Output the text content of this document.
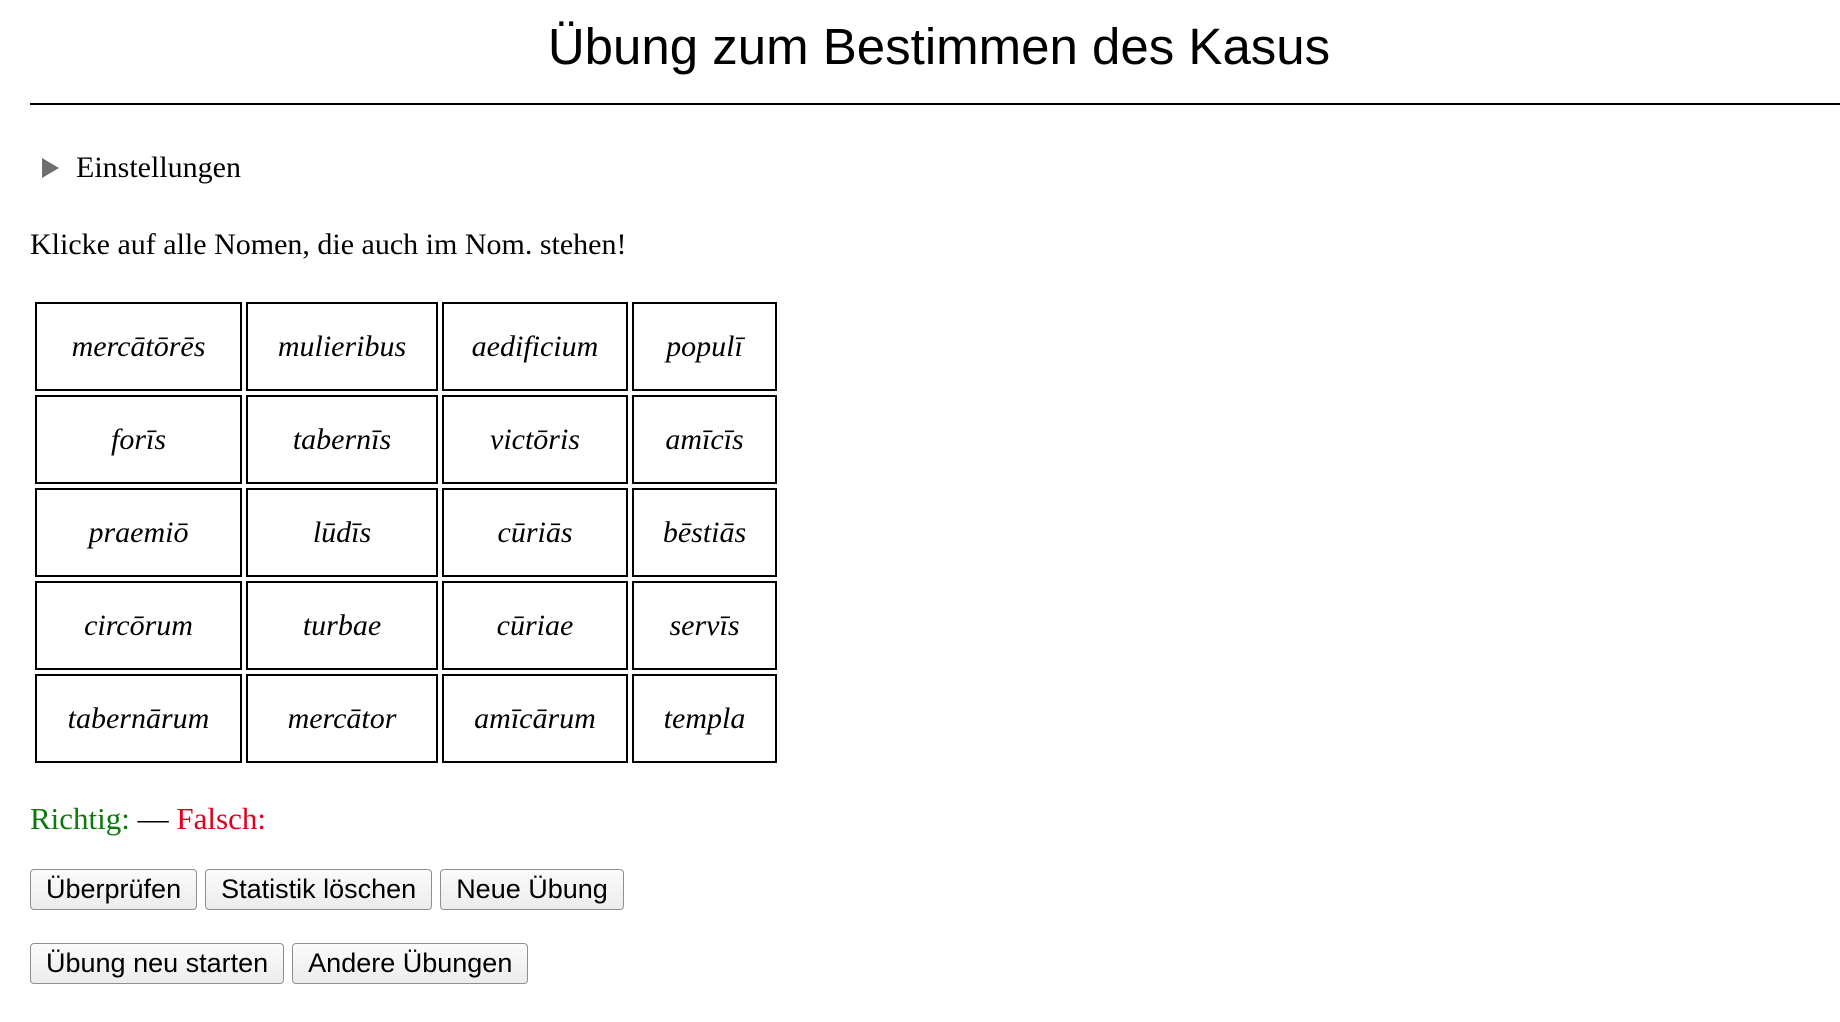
Übung zum Bestimmen des Kasus
Einstellungen

Klicke auf alle Nomen, die auch im Nom. stehen!

mercātōrēs	mulieribus	aedificium	populī
forīs	tabernīs	victōris	amīcīs
praemiō	lūdīs	cūriās	bēstiās
circōrum	turbae	cūriae	servīs
tabernārum	mercātor	amīcārum	templa

Richtig: — Falsch:

Überprüfen	Statistik löschen	Neue Übung
Übung neu starten	Andere Übungen
